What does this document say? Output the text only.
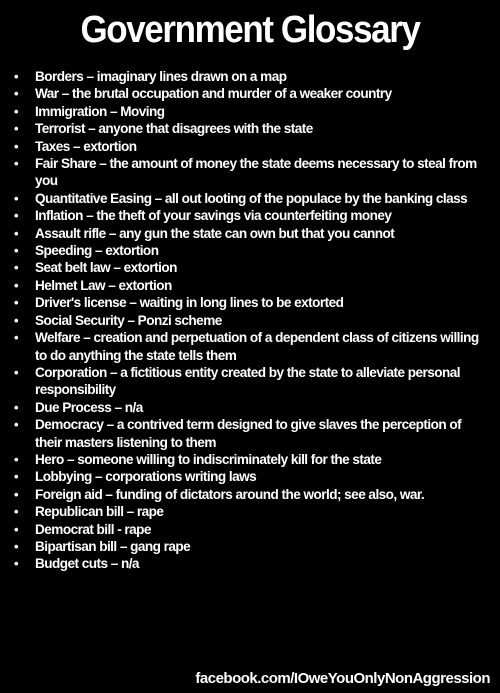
Government Glossary
•	Borders – imaginary lines drawn on a map
•	War – the brutal occupation and murder of a weaker country
•	Immigration – Moving
•	Terrorist – anyone that disagrees with the state
•	Taxes – extortion
•	Fair Share – the amount of money the state deems necessary to steal from you
•	Quantitative Easing – all out looting of the populace by the banking class
•	Inflation – the theft of your savings via counterfeiting money
•	Assault rifle – any gun the state can own but that you cannot
•	Speeding – extortion
•	Seat belt law – extortion
•	Helmet Law – extortion
•	Driver's license – waiting in long lines to be extorted
•	Social Security – Ponzi scheme
•	Welfare – creation and perpetuation of a dependent class of citizens willing to do anything the state tells them
•	Corporation – a fictitious entity created by the state to alleviate personal responsibility
•	Due Process – n/a
•	Democracy – a contrived term designed to give slaves the perception of their masters listening to them
•	Hero – someone willing to indiscriminately kill for the state
•	Lobbying – corporations writing laws
•	Foreign aid – funding of dictators around the world; see also, war.
•	Republican bill – rape
•	Democrat bill - rape
•	Bipartisan bill – gang rape
•	Budget cuts – n/a
facebook.com/IOweYouOnlyNonAggression
